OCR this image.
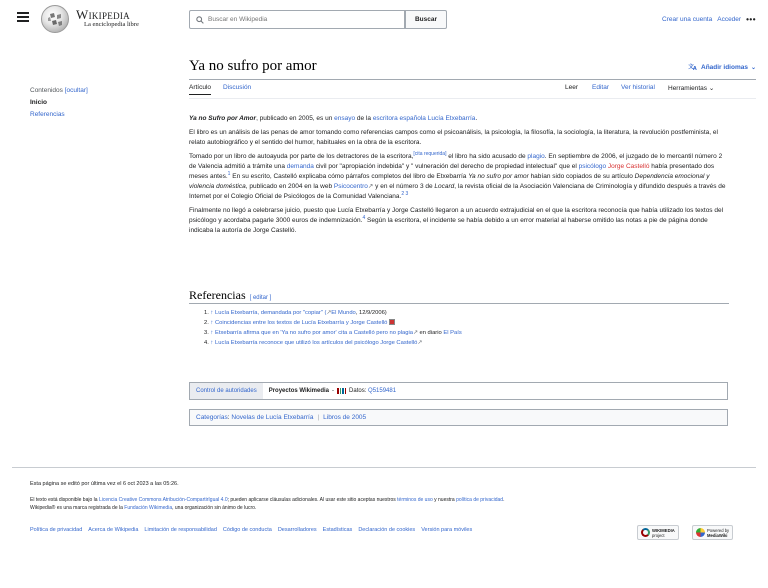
Wikipedia
La enciclopedia libre
Buscar en Wikipedia
Buscar	Crear una cuenta Acceder •••
Ya no sufro por amor	文 A Añadir idiomas ⌄
Contenidos [ocultar]
Inicio
Referencias
Artículo Discusión	Leer Editar Ver historial Herramientas ⌄

Ya no Sufro por Amor, publicado en 2005, es un ensayo de la escritora española Lucía Etxebarría.

El libro es un análisis de las penas de amor tomando como referencias campos como el psicoanálisis, la psicología, la filosofía, la sociología, la literatura, la revolución postfeminista, el relato autobiográfico y el sentido del humor, habituales en la obra de la escritora.

Tomado por un libro de autoayuda por parte de los detractores de la escritora,[cita requerida] el libro ha sido acusado de plagio. En septiembre de 2006, el juzgado de lo mercantil número 2 de Valencia admitió a trámite una demanda civil por "apropiación indebida" y " vulneración del derecho de propiedad intelectual" que el psicólogo Jorge Castelló había presentado dos meses antes.$^1$ En su escrito, Castelló explicaba cómo párrafos completos del libro de Etxebarría Ya no sufro por amor habían sido copiados de su artículo Dependencia emocional y violencia doméstica, publicado en 2004 en la web Psicocentro↗ y en el número 3 de Locard, la revista oficial de la Asociación Valenciana de Criminología y difundido después a través de Internet por el Colegio Oficial de Psicólogos de la Comunidad Valenciana.$^{2 3}$

Finalmente no llegó a celebrarse juicio, puesto que Lucía Etxebarría y Jorge Castelló llegaron a un acuerdo extrajudicial en el que la escritora reconocía que había utilizado los textos del psicólogo y acordaba pagarle 3000 euros de indemnización.$^4$ Según la escritora, el incidente se había debido a un error material al haberse omitido las notas a pie de página donde indicaba la autoría de Jorge Castelló.

Referencias [ editar ]
1. ↑ Lucía Etxebarría, demandada por "copiar" (↗El Mundo, 12/9/2006)
2. ↑ Coincidencias entre los textos de Lucía Etxebarría y Jorge Castelló
3. ↑ Etxebarría afirma que en 'Ya no sufro por amor' cita a Castelló pero no plagia↗ en diario El País
4. ↑ Lucía Etxebarría reconoce que utilizó los artículos del psicólogo Jorge Castelló↗
Control de autoridades	Proyectos Wikimedia -	Datos:
Q5159481
Categorías :
Novelas de Lucía Etxebarría | Libros de 2005
Esta página se editó por última vez el 6 oct 2023 a las 05:26.
El texto está disponible bajo la Licencia Creative Commons Atribución-CompartirIgual 4.0; pueden aplicarse cláusulas adicionales. Al usar este sitio aceptas nuestros términos de uso y nuestra política de privacidad.
Wikipedia® es una marca registrada de la Fundación Wikimedia, una organización sin ánimo de lucro.
Política de privacidad Acerca de Wikipedia Limitación de responsabilidad Código de conducta Desarrolladores Estadísticas Declaración de cookies Versión para móviles	WIKIMEDIA
project
Powered by
MediaWiki
